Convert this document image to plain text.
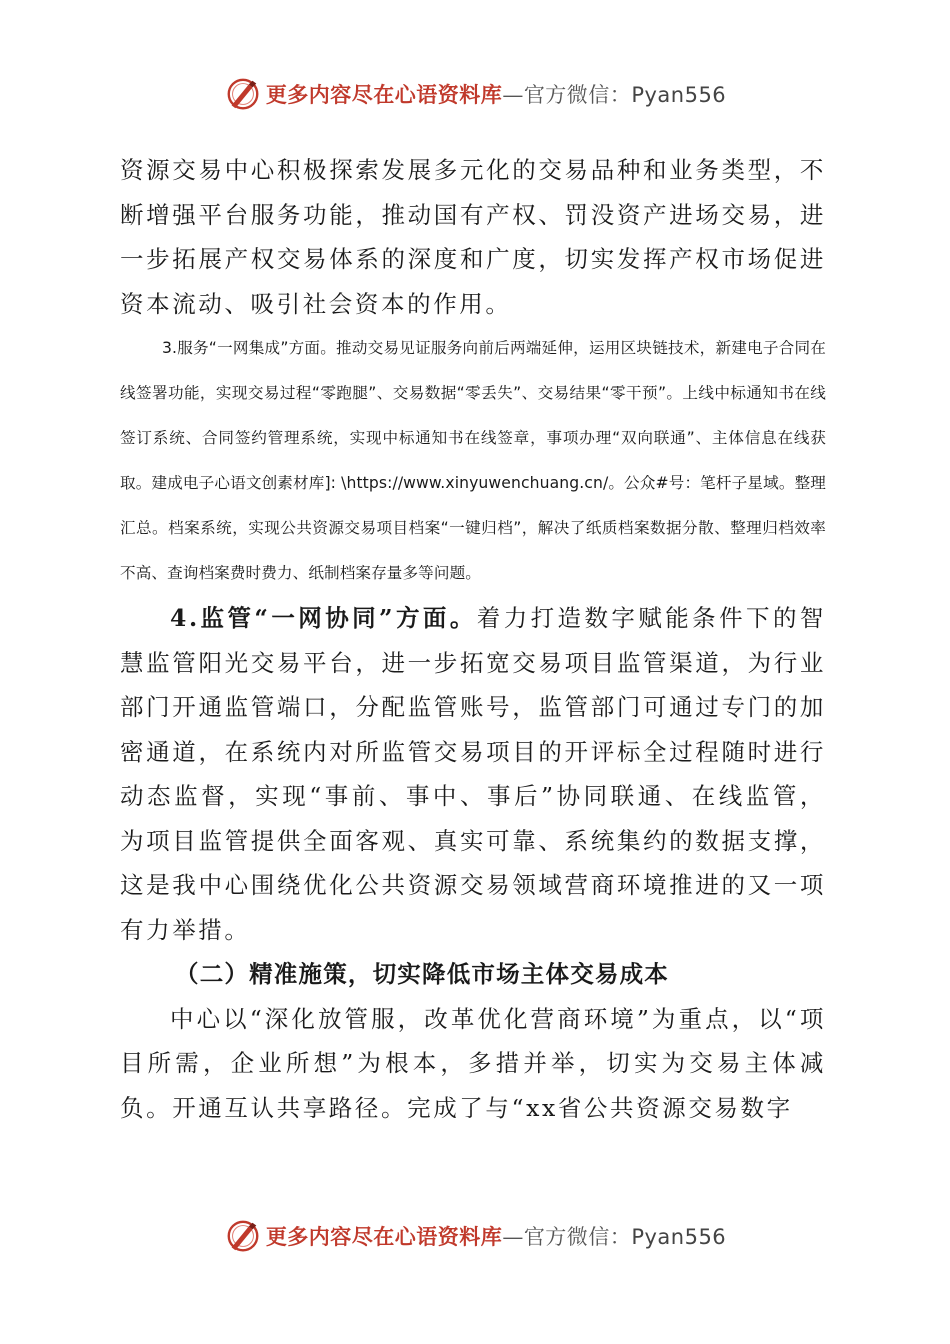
更多内容尽在心语资料库—官方微信：Pyan556

资源交易中心积极探索发展多元化的交易品种和业务类型，不断增强平台服务功能，推动国有产权、罚没资产进场交易，进一步拓展产权交易体系的深度和广度，切实发挥产权市场促进资本流动、吸引社会资本的作用。

3.服务“一网集成”方面。推动交易见证服务向前后两端延伸，运用区块链技术，新建电子合同在线签署功能，实现交易过程“零跑腿”、交易数据“零丢失”、交易结果“零干预”。上线中标通知书在线签订系统、合同签约管理系统，实现中标通知书在线签章，事项办理“双向联通”、主体信息在线获取。建成电子心语文创素材库]: \https://www.xinyuwenchuang.cn/。公众#号：笔杆子星域。整理汇总。档案系统，实现公共资源交易项目档案“一键归档”，解决了纸质档案数据分散、整理归档效率不高、查询档案费时费力、纸制档案存量多等问题。

4.监管“一网协同”方面。着力打造数字赋能条件下的智慧监管阳光交易平台，进一步拓宽交易项目监管渠道，为行业部门开通监管端口，分配监管账号，监管部门可通过专门的加密通道，在系统内对所监管交易项目的开评标全过程随时进行动态监督，实现“事前、事中、事后”协同联通、在线监管，为项目监管提供全面客观、真实可靠、系统集约的数据支撑，这是我中心围绕优化公共资源交易领域营商环境推进的又一项有力举措。

（二）精准施策，切实降低市场主体交易成本

中心以“深化放管服，改革优化营商环境”为重点，以“项目所需，企业所想”为根本，多措并举，切实为交易主体减负。开通互认共享路径。完成了与“xx省公共资源交易数字

更多内容尽在心语资料库—官方微信：Pyan556
